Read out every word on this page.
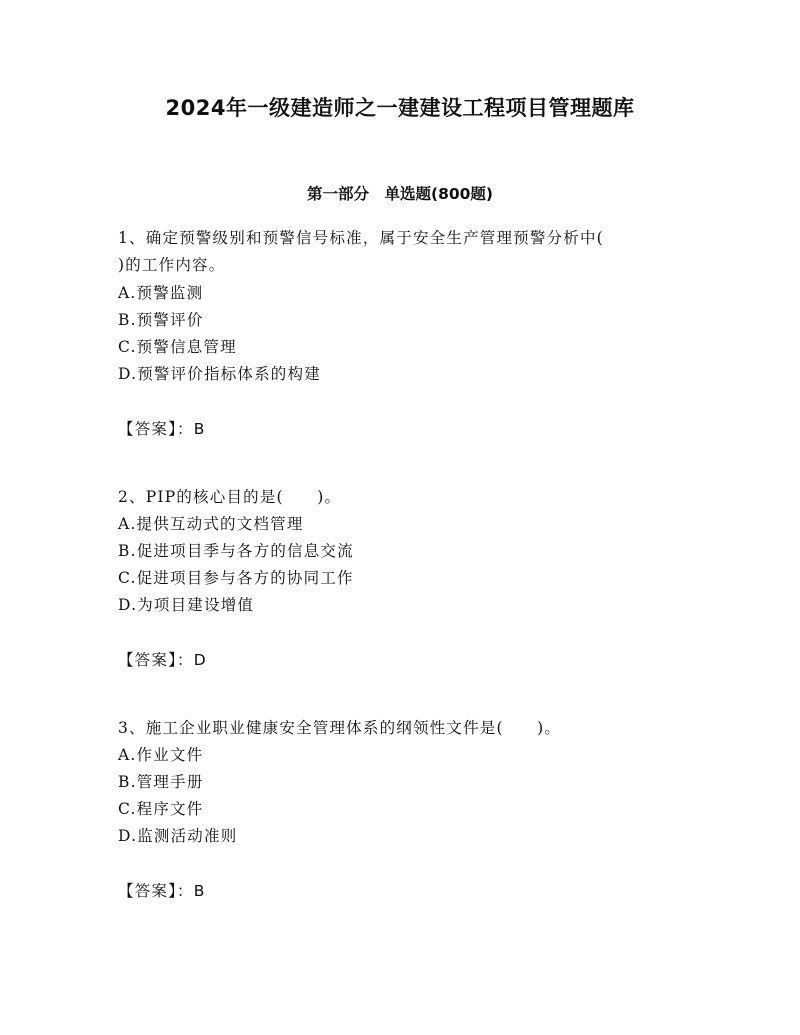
2024年一级建造师之一建建设工程项目管理题库
第一部分　单选题(800题)
1、确定预警级别和预警信号标准，属于安全生产管理预警分析中(
)的工作内容。
A.预警监测
B.预警评价
C.预警信息管理
D.预警评价指标体系的构建
【答案】：B
2、PIP的核心目的是(　　)。
A.提供互动式的文档管理
B.促进项目季与各方的信息交流
C.促进项目参与各方的协同工作
D.为项目建设增值
【答案】：D
3、施工企业职业健康安全管理体系的纲领性文件是(　　)。
A.作业文件
B.管理手册
C.程序文件
D.监测活动准则
【答案】：B
